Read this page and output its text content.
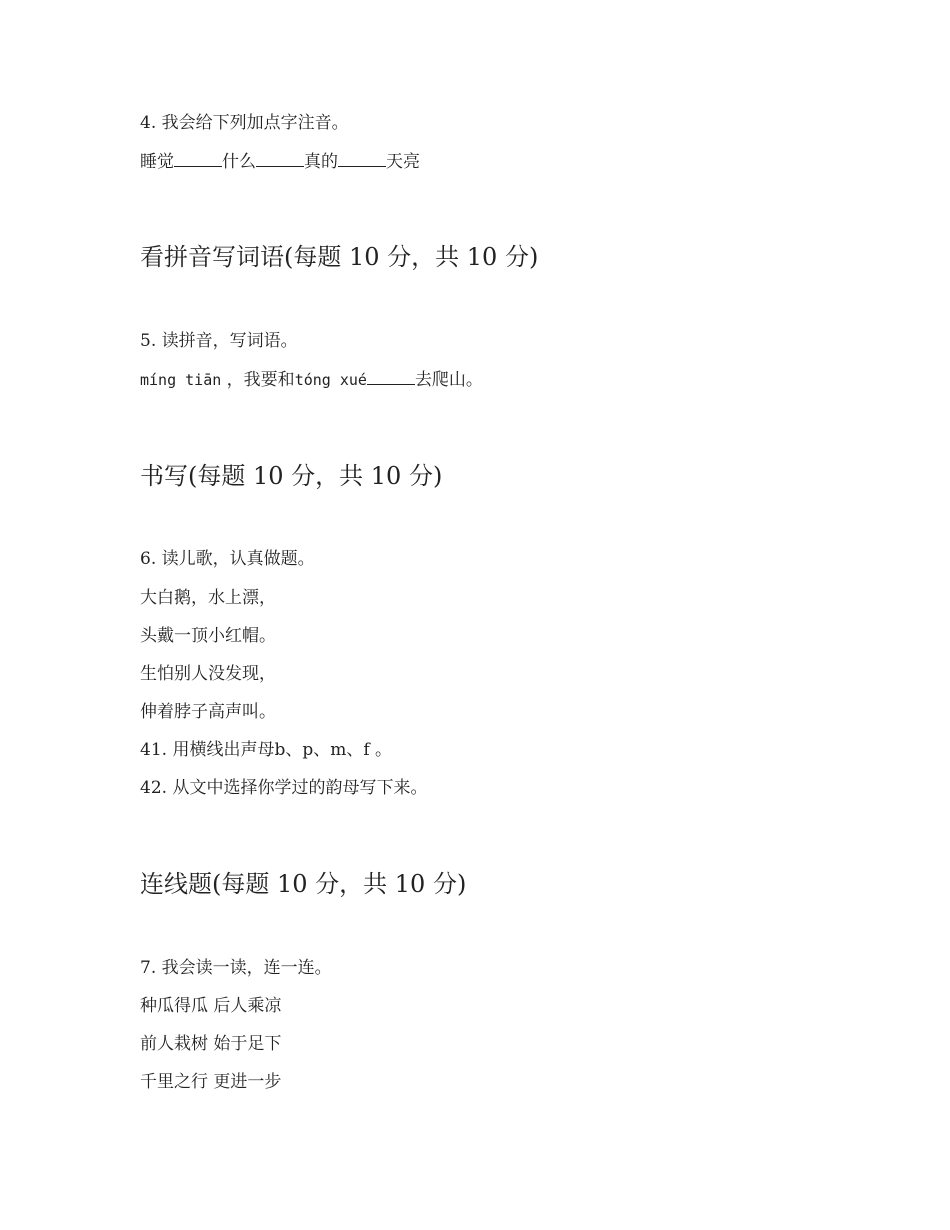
4. 我会给下列加点字注音。
睡觉	什么	真的	天亮
看拼音写词语(每题 10 分，共 10 分)
5. 读拼音，写词语。
míng tiān ，我要和tóng xué	去爬山。
书写(每题 10 分，共 10 分)
6. 读儿歌，认真做题。
大白鹅，水上漂，
头戴一顶小红帽。
生怕别人没发现，
伸着脖子高声叫。
41. 用横线出声母b、p、m、f 。
42. 从文中选择你学过的韵母写下来。
连线题(每题 10 分，共 10 分)
7. 我会读一读，连一连。
种瓜得瓜 后人乘凉
前人栽树 始于足下
千里之行 更进一步
